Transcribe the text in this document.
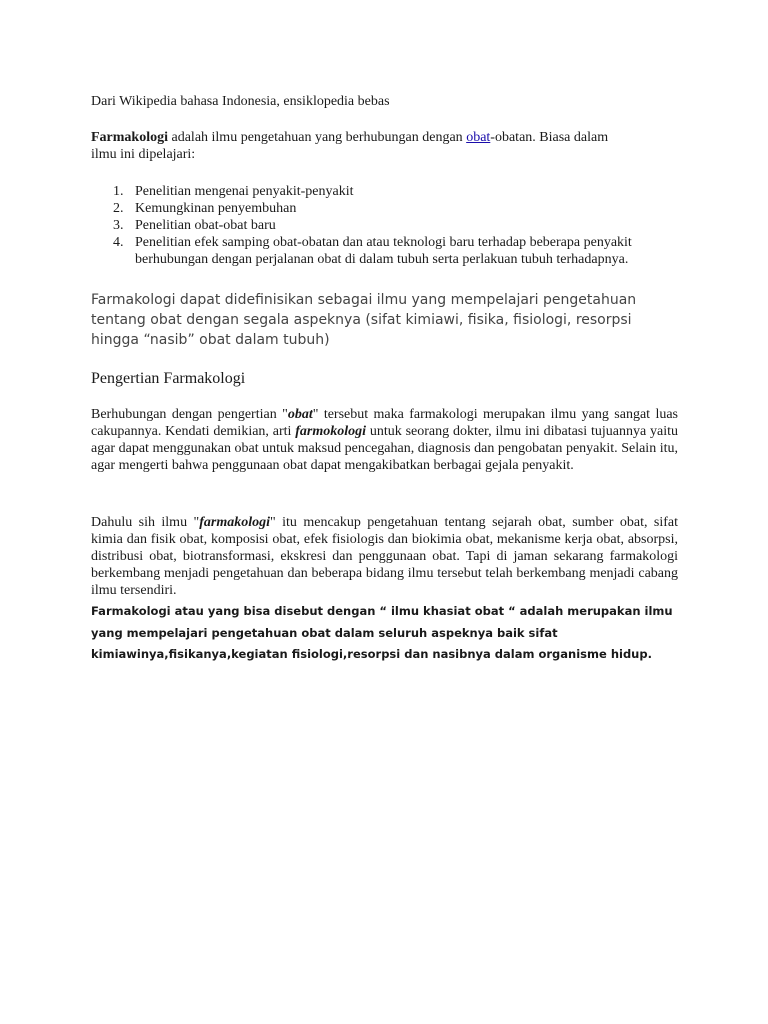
Dari Wikipedia bahasa Indonesia, ensiklopedia bebas
Farmakologi adalah ilmu pengetahuan yang berhubungan dengan obat-obatan. Biasa dalam
ilmu ini dipelajari:
1. Penelitian mengenai penyakit-penyakit
2. Kemungkinan penyembuhan
3. Penelitian obat-obat baru
4. Penelitian efek samping obat-obatan dan atau teknologi baru terhadap beberapa penyakit
berhubungan dengan perjalanan obat di dalam tubuh serta perlakuan tubuh terhadapnya.
Farmakologi dapat didefinisikan sebagai ilmu yang mempelajari pengetahuan tentang obat dengan segala aspeknya (sifat kimiawi, fisika, fisiologi, resorpsi hingga “nasib” obat dalam tubuh)
Pengertian Farmakologi

Berhubungan dengan pengertian "obat" tersebut maka farmakologi merupakan ilmu yang sangat luas cakupannya. Kendati demikian, arti farmokologi untuk seorang dokter, ilmu ini dibatasi tujuannya yaitu agar dapat menggunakan obat untuk maksud pencegahan, diagnosis dan pengobatan penyakit. Selain itu, agar mengerti bahwa penggunaan obat dapat mengakibatkan berbagai gejala penyakit.

Dahulu sih ilmu "farmakologi" itu mencakup pengetahuan tentang sejarah obat, sumber obat, sifat kimia dan fisik obat, komposisi obat, efek fisiologis dan biokimia obat, mekanisme kerja obat, absorpsi, distribusi obat, biotransformasi, ekskresi dan penggunaan obat. Tapi di jaman sekarang farmakologi berkembang menjadi pengetahuan dan beberapa bidang ilmu tersebut telah berkembang menjadi cabang ilmu tersendiri.

Farmakologi atau yang bisa disebut dengan “ ilmu khasiat obat “ adalah merupakan ilmu yang mempelajari pengetahuan obat dalam seluruh aspeknya baik sifat kimiawinya,fisikanya,kegiatan fisiologi,resorpsi dan nasibnya dalam organisme hidup.
